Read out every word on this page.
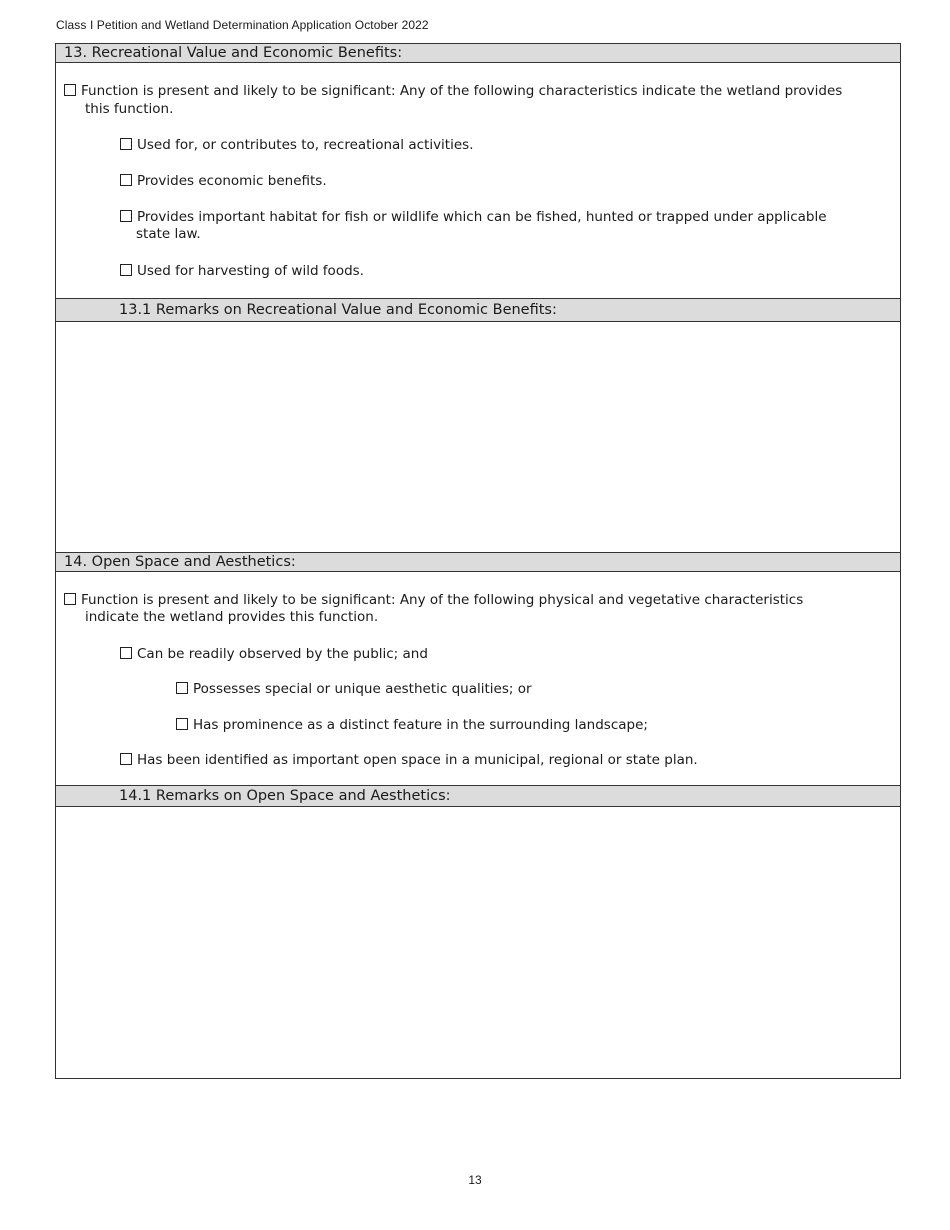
Class I Petition and Wetland Determination Application October 2022
13. Recreational Value and Economic Benefits:
Function is present and likely to be significant: Any of the following characteristics indicate the wetland provides
this function.
Used for, or contributes to, recreational activities.
Provides economic benefits.
Provides important habitat for fish or wildlife which can be fished, hunted or trapped under applicable
state law.
Used for harvesting of wild foods.
13.1 Remarks on Recreational Value and Economic Benefits:
14. Open Space and Aesthetics:
Function is present and likely to be significant: Any of the following physical and vegetative characteristics
indicate the wetland provides this function.
Can be readily observed by the public; and
Possesses special or unique aesthetic qualities; or
Has prominence as a distinct feature in the surrounding landscape;
Has been identified as important open space in a municipal, regional or state plan.
14.1 Remarks on Open Space and Aesthetics:
13
